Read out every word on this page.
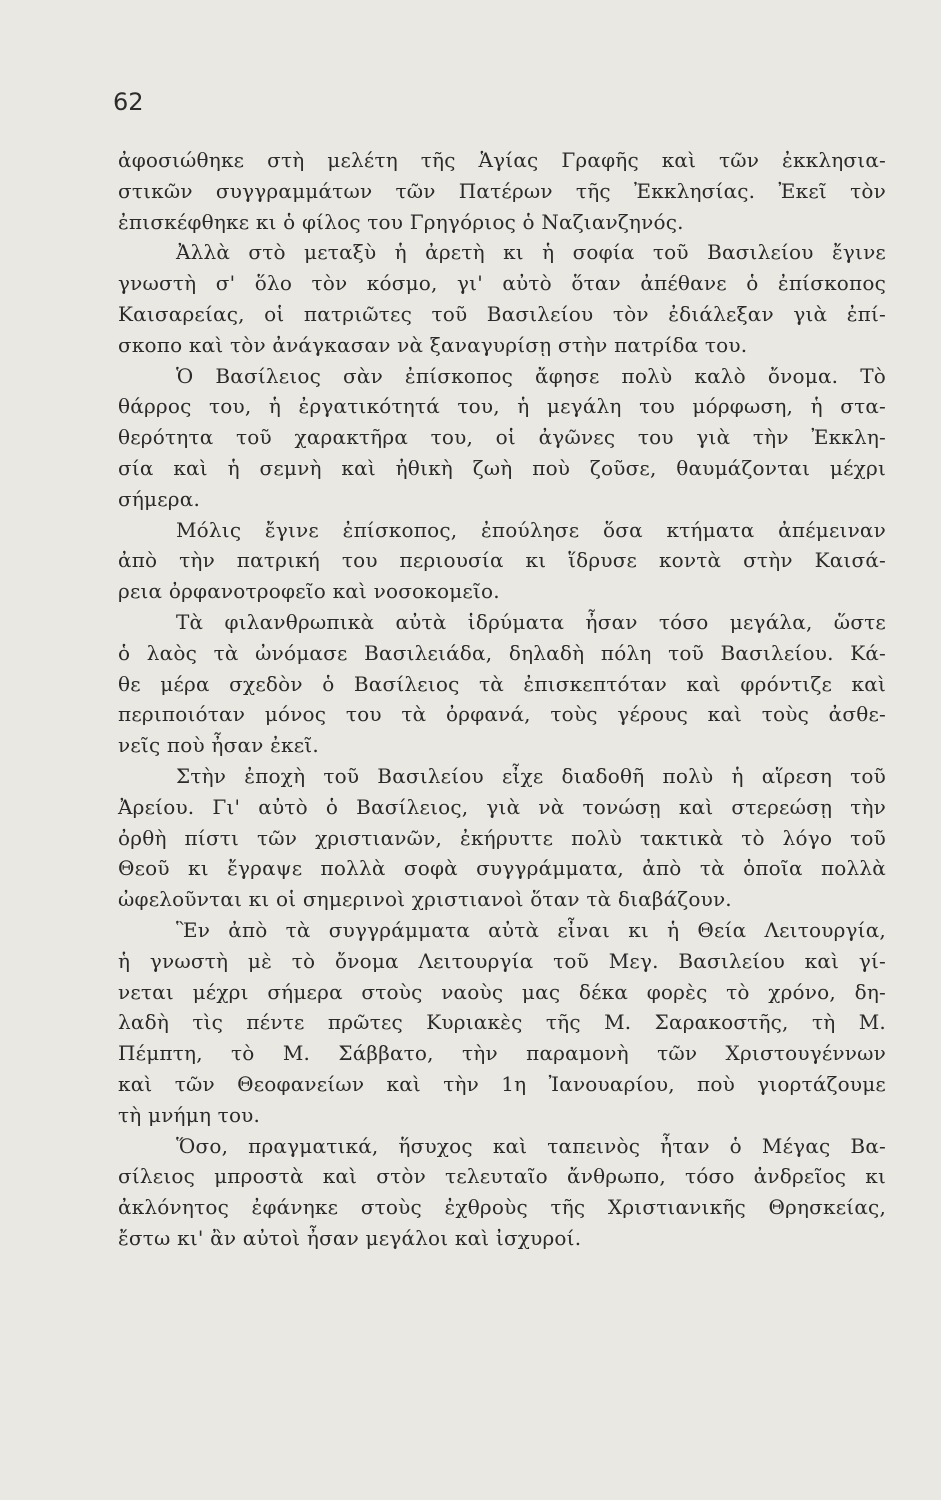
62
ἀφοσιώθηκε στὴ μελέτη τῆς Ἁγίας Γραφῆς καὶ τῶν ἐκκλησια-
στικῶν συγγραμμάτων τῶν Πατέρων τῆς Ἐκκλησίας. Ἐκεῖ τὸν
ἐπισκέφθηκε κι ὁ φίλος του Γρηγόριος ὁ Ναζιανζηνός.
Ἀλλὰ στὸ μεταξὺ ἡ ἀρετὴ κι ἡ σοφία τοῦ Βασιλείου ἔγινε
γνωστὴ σ' ὅλο τὸν κόσμο, γι' αὐτὸ ὅταν ἀπέθανε ὁ ἐπίσκοπος
Καισαρείας, οἱ πατριῶτες τοῦ Βασιλείου τὸν ἐδιάλεξαν γιὰ ἐπί-
σκοπο καὶ τὸν ἀνάγκασαν νὰ ξαναγυρίσῃ στὴν πατρίδα του.
Ὁ Βασίλειος σὰν ἐπίσκοπος ἄφησε πολὺ καλὸ ὄνομα. Τὸ
θάρρος του, ἡ ἐργατικότητά του, ἡ μεγάλη του μόρφωση, ἡ στα-
θερότητα τοῦ χαρακτῆρα του, οἱ ἀγῶνες του γιὰ τὴν Ἐκκλη-
σία καὶ ἡ σεμνὴ καὶ ἠθικὴ ζωὴ ποὺ ζοῦσε, θαυμάζονται μέχρι
σήμερα.
Μόλις ἔγινε ἐπίσκοπος, ἐπούλησε ὅσα κτήματα ἀπέμειναν
ἀπὸ τὴν πατρική του περιουσία κι ἵδρυσε κοντὰ στὴν Καισά-
ρεια ὀρφανοτροφεῖο καὶ νοσοκομεῖο.
Τὰ φιλανθρωπικὰ αὐτὰ ἱδρύματα ἦσαν τόσο μεγάλα, ὥστε
ὁ λαὸς τὰ ὠνόμασε Βασιλειάδα, δηλαδὴ πόλη τοῦ Βασιλείου. Κά-
θε μέρα σχεδὸν ὁ Βασίλειος τὰ ἐπισκεπτόταν καὶ φρόντιζε καὶ
περιποιόταν μόνος του τὰ ὀρφανά, τοὺς γέρους καὶ τοὺς ἀσθε-
νεῖς ποὺ ἦσαν ἐκεῖ.
Στὴν ἐποχὴ τοῦ Βασιλείου εἶχε διαδοθῆ πολὺ ἡ αἵρεση τοῦ
Ἀρείου. Γι' αὐτὸ ὁ Βασίλειος, γιὰ νὰ τονώσῃ καὶ στερεώσῃ τὴν
ὀρθὴ πίστι τῶν χριστιανῶν, ἐκήρυττε πολὺ τακτικὰ τὸ λόγο τοῦ
Θεοῦ κι ἔγραψε πολλὰ σοφὰ συγγράμματα, ἀπὸ τὰ ὁποῖα πολλὰ
ὠφελοῦνται κι οἱ σημερινοὶ χριστιανοὶ ὅταν τὰ διαβάζουν.
Ἓν ἀπὸ τὰ συγγράμματα αὐτὰ εἶναι κι ἡ Θεία Λειτουργία,
ἡ γνωστὴ μὲ τὸ ὄνομα Λειτουργία τοῦ Μεγ. Βασιλείου καὶ γί-
νεται μέχρι σήμερα στοὺς ναοὺς μας δέκα φορὲς τὸ χρόνο, δη-
λαδὴ τὶς πέντε πρῶτες Κυριακὲς τῆς Μ. Σαρακοστῆς, τὴ Μ.
Πέμπτη, τὸ Μ. Σάββατο, τὴν παραμονὴ τῶν Χριστουγέννων
καὶ τῶν Θεοφανείων καὶ τὴν 1η Ἰανουαρίου, ποὺ γιορτάζουμε
τὴ μνήμη του.
Ὅσο, πραγματικά, ἥσυχος καὶ ταπεινὸς ἦταν ὁ Μέγας Βα-
σίλειος μπροστὰ καὶ στὸν τελευταῖο ἄνθρωπο, τόσο ἀνδρεῖος κι
ἀκλόνητος ἐφάνηκε στοὺς ἐχθροὺς τῆς Χριστιανικῆς Θρησκείας,
ἔστω κι' ἂν αὐτοὶ ἦσαν μεγάλοι καὶ ἰσχυροί.
